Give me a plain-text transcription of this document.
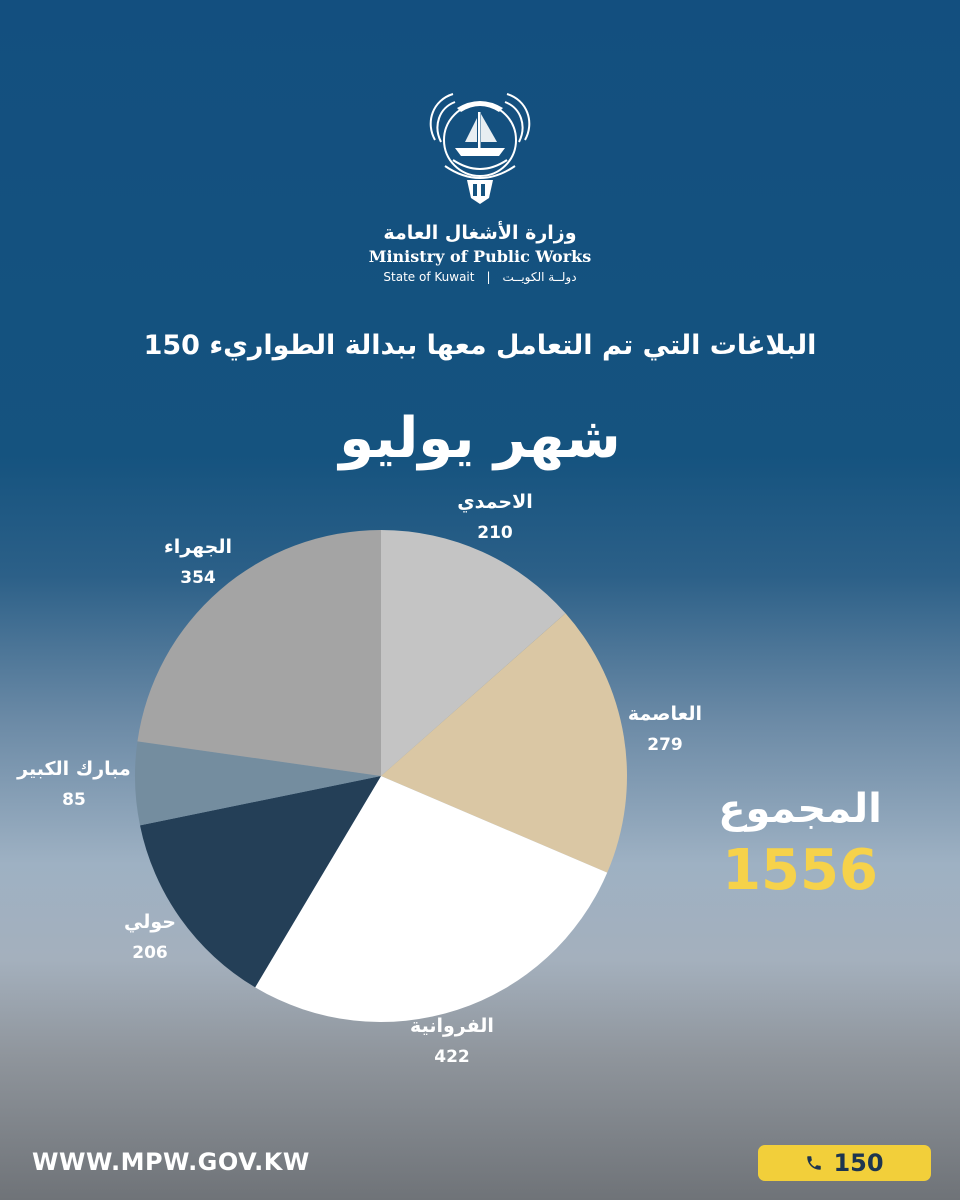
وزارة الأشغال العامة
Ministry of Public Works
State of Kuwait | دولــة الكويــت
البلاغات التي تم التعامل معها ببدالة الطواريء 150
شهر يوليو
الاحمدي
210
العاصمة
279
الفروانية
422
حولي
206
مبارك الكبير
85
الجهراء
354
المجموع
1556
WWW.MPW.GOV.KW	150
